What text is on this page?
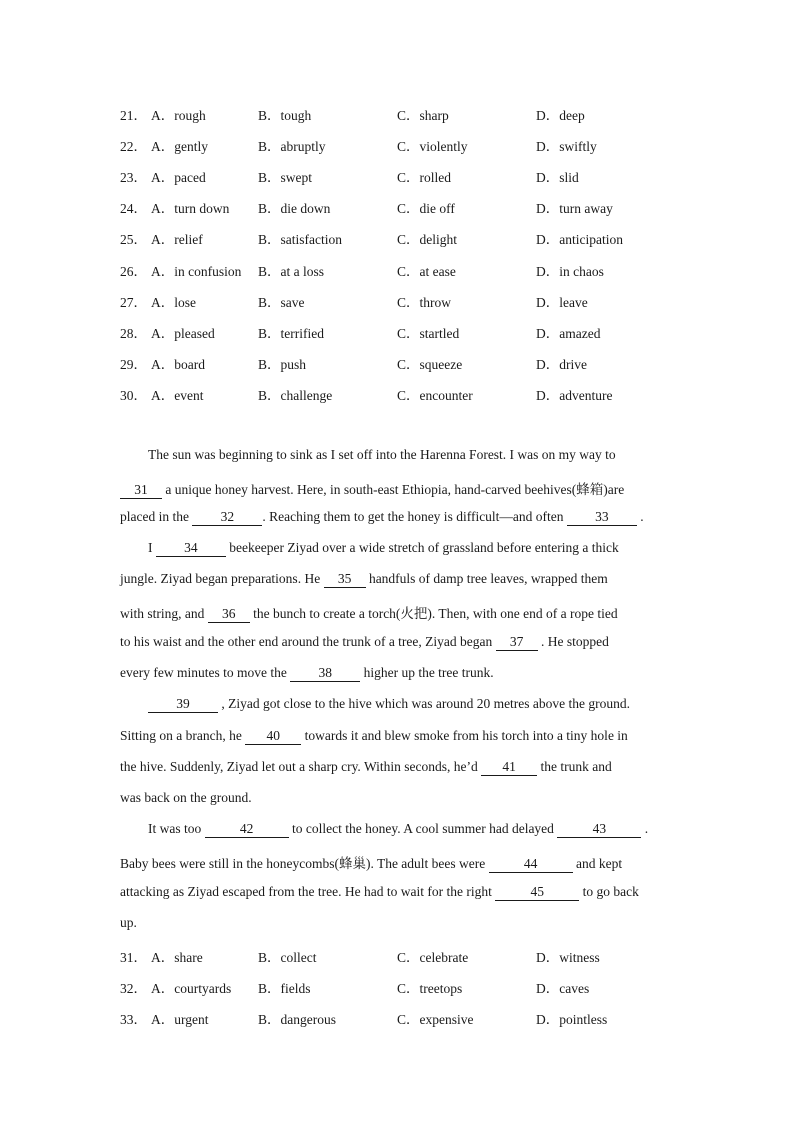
21． A．rough	B．tough	C．sharp	D．deep
22． A．gently	B．abruptly	C．violently	D．swiftly
23． A．paced	B．swept	C．rolled	D．slid
24． A．turn down B．die down	C．die off	D．turn away
25． A．relief	B．satisfaction	C．delight	D．anticipation
26． A．in confusion B．at a loss	C．at ease	D．in chaos
27． A．lose	B．save	C．throw	D．leave
28． A．pleased	B．terrified	C．startled	D．amazed
29． A．board	B．push	C．squeeze	D．drive
30． A．event	B．challenge	C．encounter	D．adventure
The sun was beginning to sink as I set off into the Harenna Forest. I was on my way to
31 a unique honey harvest. Here, in south-east Ethiopia, hand-carved beehives(蜂箱)are
placed in the 32 . Reaching them to get the honey is difficult—and often 33 .
I 34 beekeeper Ziyad over a wide stretch of grassland before entering a thick
jungle. Ziyad began preparations. He 35 handfuls of damp tree leaves, wrapped them
with string, and 36 the bunch to create a torch(火把). Then, with one end of a rope tied
to his waist and the other end around the trunk of a tree, Ziyad began 37 . He stopped
every few minutes to move the 38 higher up the tree trunk.
39 , Ziyad got close to the hive which was around 20 metres above the ground.
Sitting on a branch, he 40 towards it and blew smoke from his torch into a tiny hole in
the hive. Suddenly, Ziyad let out a sharp cry. Within seconds, he’d 41 the trunk and
was back on the ground.
It was too	42	to collect the honey. A cool summer had delayed	43	.
Baby bees were still in the honeycombs(蜂巢). The adult bees were	44	and kept
attacking as Ziyad escaped from the tree. He had to wait for the right	45	to go back
up.
31． A．share	B．collect	C．celebrate	D．witness
32． A．courtyards B．fields	C．treetops	D．caves
33． A．urgent	B．dangerous	C．expensive	D．pointless
